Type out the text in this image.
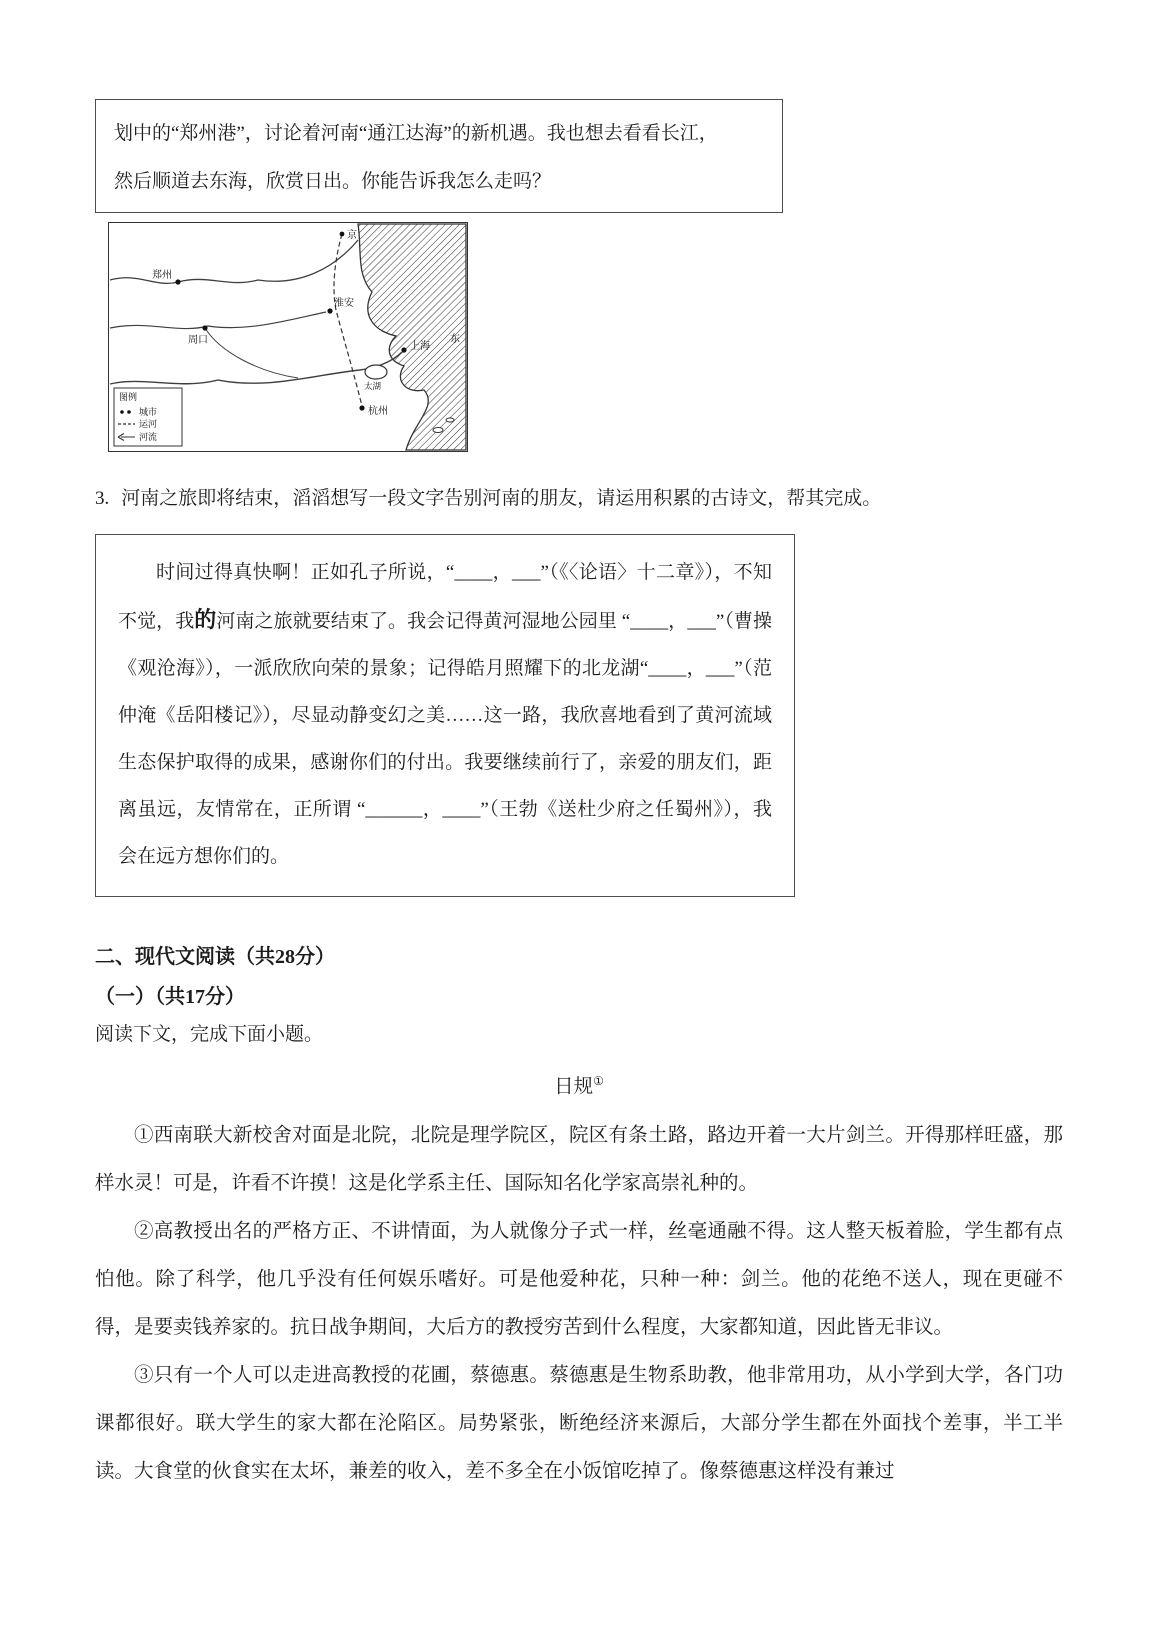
划中的“郑州港”，讨论着河南“通江达海”的新机遇。我也想去看看长江，
然后顺道去东海，欣赏日出。你能告诉我怎么走吗？
京
郑州
周口
淮安
上海
太湖
杭州
东
图例
城市
运河
河流
3. 河南之旅即将结束，滔滔想写一段文字告别河南的朋友，请运用积累的古诗文，帮其完成。

时间过得真快啊！正如孔子所说，“____，___”（《〈论语〉十二章》），不知不觉，我的河南之旅就要结束了。我会记得黄河湿地公园里 “____，___”（曹操《观沧海》），一派欣欣向荣的景象；记得皓月照耀下的北龙湖“____，___”（范仲淹《岳阳楼记》），尽显动静变幻之美……这一路，我欣喜地看到了黄河流域生态保护取得的成果，感谢你们的付出。我要继续前行了，亲爱的朋友们，距离虽远，友情常在，正所谓 “______，____”（王勃《送杜少府之任蜀州》），我会在远方想你们的。

二、现代文阅读（共28分）
（一）（共17分）
阅读下文，完成下面小题。
日规①

①西南联大新校舍对面是北院，北院是理学院区，院区有条土路，路边开着一大片剑兰。开得那样旺盛，那样水灵！可是，许看不许摸！这是化学系主任、国际知名化学家高崇礼种的。

②高教授出名的严格方正、不讲情面，为人就像分子式一样，丝毫通融不得。这人整天板着脸，学生都有点怕他。除了科学，他几乎没有任何娱乐嗜好。可是他爱种花，只种一种：剑兰。他的花绝不送人，现在更碰不得，是要卖钱养家的。抗日战争期间，大后方的教授穷苦到什么程度，大家都知道，因此皆无非议。

③只有一个人可以走进高教授的花圃，蔡德惠。蔡德惠是生物系助教，他非常用功，从小学到大学，各门功课都很好。联大学生的家大都在沦陷区。局势紧张，断绝经济来源后，大部分学生都在外面找个差事，半工半读。大食堂的伙食实在太坏，兼差的收入，差不多全在小饭馆吃掉了。像蔡德惠这样没有兼过
